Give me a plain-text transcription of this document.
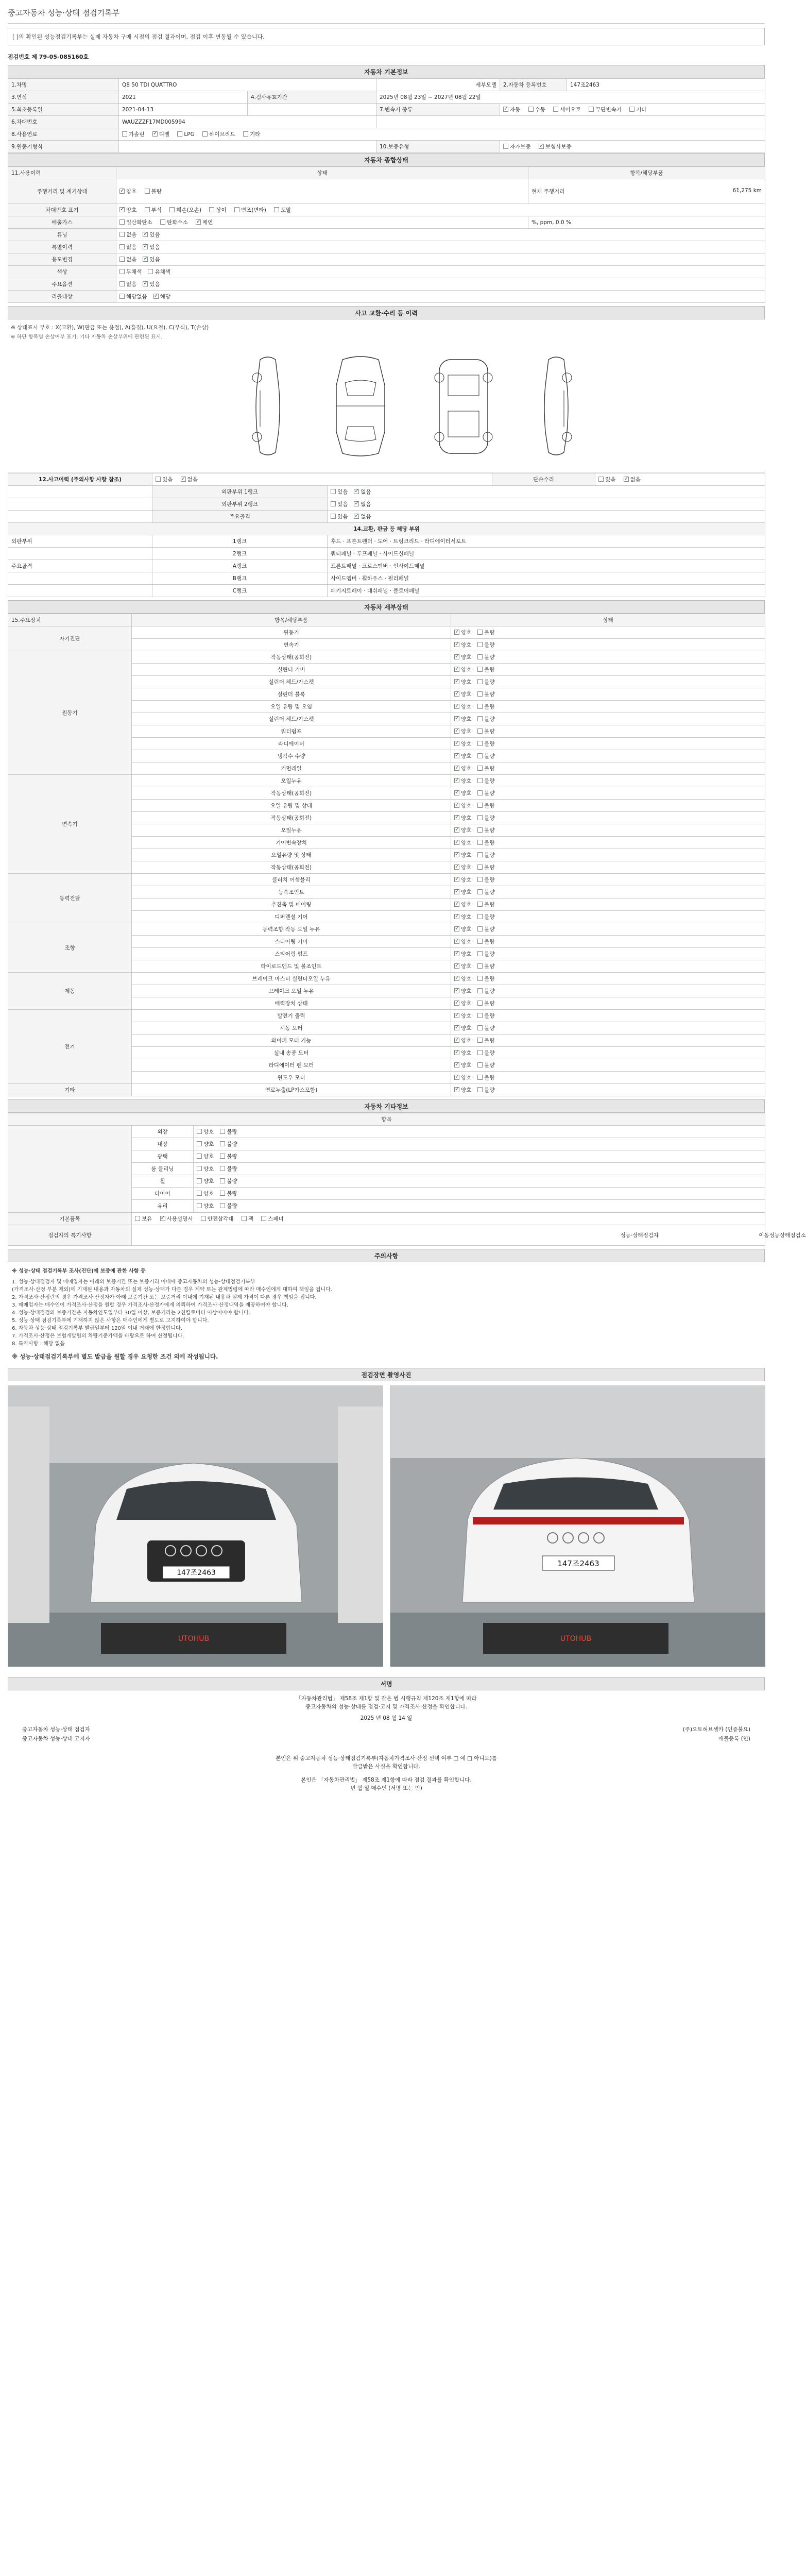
중고자동차 성능·상태 점검기록부
[ ]의 확인된 성능점검기록부는 실제 자동차 구매 시점의 점검 결과이며, 점검 이후 변동될 수 있습니다.
점검번호 제 79-05-085160호
자동차 기본정보
1.차명	Q8 50 TDI QUATTRO		세부모델	2.자동차 등록번호	147조2463
3.연식	2021	4.검사유효기간	2025년 08월 23일 ~ 2027년 08월 22일		
5.최초등록일	2021-04-13		7.변속기 종류	✓자동 수동 세미오토 무단변속기 기타
6.차대번호	WAUZZZF17MD005994				
8.사용연료	가솔린 ✓ 디젤 LPG 하이브리드 기타
9.원동기형식			10.보증유형	자가보증 ✓ 보험사보증
자동차 종합상태
11.사용이력	상태	항목/해당부품
주행거리 및 계기상태	✓양호 불량	현재 주행거리 61,275 km

차대번호 표기	✓양호 부식 훼손(오손) 상이 변조(변타) 도말
배출가스	일산화탄소 탄화수소 ✓ 매연	%, ppm, 0.0 %
튜닝	없음 ✓ 있음
특별이력	없음 ✓ 있음
용도변경	없음 ✓ 있음
색상	무채색 유채색	
주요옵션	없음 ✓ 있음
리콜대상	해당없음 ✓ 해당
사고 교환·수리 등 이력
※ 상태표시 부호 : X(교환), W(판금 또는 용접), A(흠집), U(요철), C(부식), T(손상)
※ 하단 항목별 손상여부 표기. 기타 자동차 손상부위에 관련된 표시.
12.사고이력 (주의사항 사항 참조)	있음 ✓ 없음		단순수리	있음 ✓ 없음
	외판부위 1랭크	있음 ✓ 없음
	외판부위 2랭크	있음 ✓ 없음
	주요골격	있음 ✓ 없음
14.교환, 판금 등 해당 부위				
외판부위	1랭크	후드 · 프론트펜더 · 도어 · 트렁크리드 · 라디에이터서포트		
	2랭크	쿼터패널 · 루프패널 · 사이드실패널		
주요골격	A랭크	프론트패널 · 크로스멤버 · 인사이드패널		
	B랭크	사이드멤버 · 휠하우스 · 필러패널		
	C랭크	패키지트레이 · 대쉬패널 · 플로어패널		
자동차 세부상태
15.주요장치	항목/해당부품	상태
자기진단	원동기	✓양호 불량
	변속기	✓양호 불량
원동기	작동상태(공회전)	✓양호 불량
	실린더 커버	✓양호 불량
	실린더 헤드/가스켓	✓양호 불량
	실린더 블록	✓양호 불량
	오일 유량 및 오염	✓양호 불량
	실린더 헤드/가스켓	✓양호 불량
	워터펌프	✓양호 불량
	라디에이터	✓양호 불량
	냉각수 수량	✓양호 불량
	커먼레일	✓양호 불량
변속기	오일누유	✓양호 불량
	작동상태(공회전)	✓양호 불량
	오일 유량 및 상태	✓양호 불량
	작동상태(공회전)	✓양호 불량
	오일누유	✓양호 불량
	기어변속장치	✓양호 불량
	오일유량 및 상태	✓양호 불량
	작동상태(공회전)	✓양호 불량
동력전달	클러치 어셈블리	✓양호 불량
	등속조인트	✓양호 불량
	추진축 및 베어링	✓양호 불량
	디퍼렌셜 기어	✓양호 불량
조향	동력조향 작동 오일 누유	✓양호 불량
	스티어링 기어	✓양호 불량
	스티어링 펌프	✓양호 불량
	타이로드엔드 및 볼조인트	✓양호 불량
제동	브레이크 마스터 실린더오일 누유	✓양호 불량
	브레이크 오일 누유	✓양호 불량
	배력장치 상태	✓양호 불량
전기	발전기 출력	✓양호 불량
	시동 모터	✓양호 불량
	와이퍼 모터 기능	✓양호 불량
	실내 송풍 모터	✓양호 불량
	라디에이터 팬 모터	✓양호 불량
	윈도우 모터	✓양호 불량
기타	연료누출(LP가스포함)	✓양호 불량
자동차 기타정보
항목		
	외장	양호 불량
	내장	양호 불량
	광택	양호 불량
	룸 클리닝	양호 불량
	휠	양호 불량
	타이어	양호 불량
	유리	양호 불량
기본품목	보유 ✓ 사용설명서 안전삼각대 잭 스패너
점검자의 특기사항	성능·상태점검자 이동성능상태점검소
주의사항
※ 성능·상태 점검기록부 조사(진단)에 보증에 관한 사항 등
1. 성능·상태점검자 및 매매업자는 아래의 보증기간 또는 보증거리 이내에 중고자동차의 성능·상태점검기록부
(가격조사·산정 부분 제외)에 기재된 내용과 자동차의 실제 성능·상태가 다른 경우 계약 또는 관계법령에 따라 매수인에게 대하여 책임을 집니다.
2. 가격조사·산정란의 경우 가격조사·산정자가 아래 보증기간 또는 보증거리 이내에 기재된 내용과 실제 가격이 다른 경우 책임을 집니다.
3. 매매업자는 매수인이 가격조사·산정을 원할 경우 가격조사·산정자에게 의뢰하여 가격조사·산정내역을 제공하여야 합니다.
4. 성능·상태점검의 보증기간은 자동차인도일부터 30일 이상, 보증거리는 2천킬로미터 이상이어야 합니다.
5. 성능·상태 점검기록부에 기재하지 않은 사항은 매수인에게 별도로 고지하여야 합니다.
6. 자동차 성능·상태 점검기록부 발급일부터 120일 이내 거래에 한정합니다.
7. 가격조사·산정은 보험개발원의 차량기준가액을 바탕으로 하여 산정됩니다.
8. 특약사항 : 해당 없음
※ 성능·상태점검기록부에 별도 발급을 원할 경우 요청한 조건 외에 작성됩니다.
점검장면 촬영사진
147조2463
UTOHUB
147조2463
UTOHUB
서명
「자동차관리법」 제58조 제1항 및 같은 법 시행규칙 제120조 제1항에 따라
중고자동차의 성능·상태를 점검·고지 및 가격조사·산정을 확인합니다.
2025 년 08 월 14 일
중고자동차 성능·상태 점검자	(주)오토허브셀카 (인증불요)
중고자동차 성능·상태 고지자	매물등록 (인)
본인은 위 중고자동차 성능·상태점검기록부(자동차가격조사·산정 선택 여부 □ 예 □ 아니오)를
발급받은 사실을 확인합니다.
본인은 「자동차관리법」 제58조 제1항에 따라 점검 결과를 확인합니다.
년 월 일 매수인 (서명 또는 인)
